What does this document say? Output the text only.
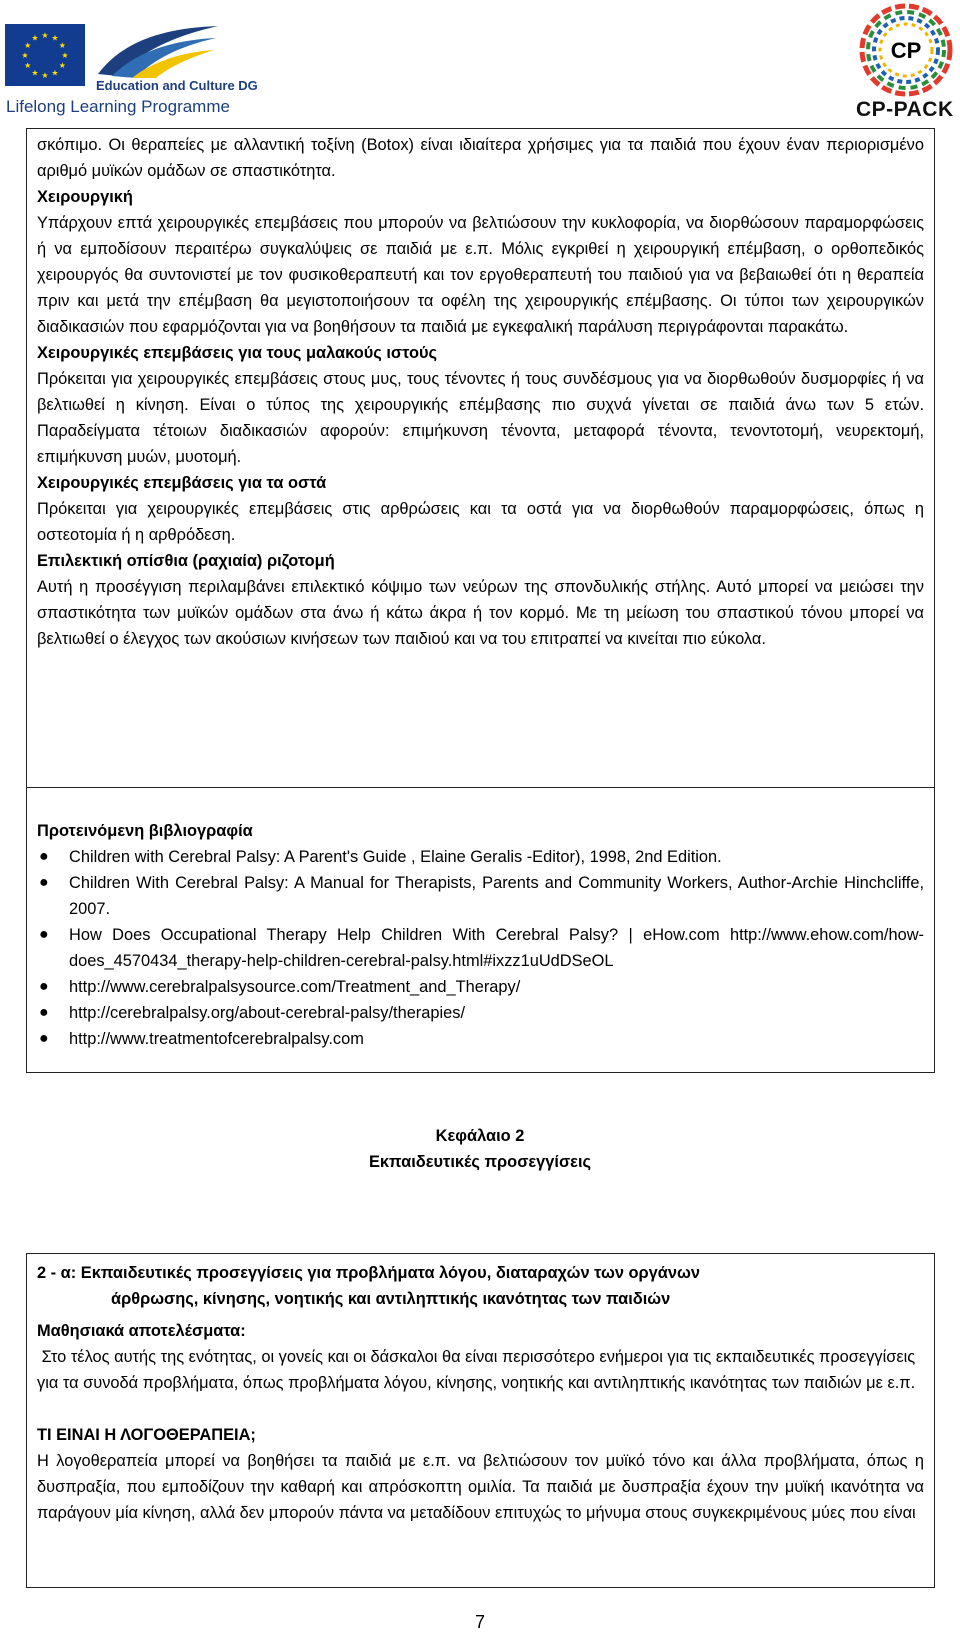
★
★
★
★
★
★
★
★
★ ★ ★
★
Education and Culture DG
Lifelong Learning Programme
CP
CP-PACK

σκόπιμο. Οι θεραπείες με αλλαντική τοξίνη (Botox) είναι ιδιαίτερα χρήσιμες για τα παιδιά που έχουν έναν περιορισμένο αριθμό μυϊκών ομάδων σε σπαστικότητα.

Χειρουργική

Υπάρχουν επτά χειρουργικές επεμβάσεις που μπορούν να βελτιώσουν την κυκλοφορία, να διορθώσουν παραμορφώσεις ή να εμποδίσουν περαιτέρω συγκαλύψεις σε παιδιά με ε.π. Μόλις εγκριθεί η χειρουργική επέμβαση, ο ορθοπεδικός χειρουργός θα συντονιστεί με τον φυσικοθεραπευτή και τον εργοθεραπευτή του παιδιού για να βεβαιωθεί ότι η θεραπεία πριν και μετά την επέμβαση θα μεγιστοποιήσουν τα οφέλη της χειρουργικής επέμβασης. Οι τύποι των χειρουργικών διαδικασιών που εφαρμόζονται για να βοηθήσουν τα παιδιά με εγκεφαλική παράλυση περιγράφονται παρακάτω.

Χειρουργικές επεμβάσεις για τους μαλακούς ιστούς

Πρόκειται για χειρουργικές επεμβάσεις στους μυς, τους τένοντες ή τους συνδέσμους για να διορθωθούν δυσμορφίες ή να βελτιωθεί η κίνηση. Είναι ο τύπος της χειρουργικής επέμβασης πιο συχνά γίνεται σε παιδιά άνω των 5 ετών. Παραδείγματα τέτοιων διαδικασιών αφορούν: επιμήκυνση τένοντα, μεταφορά τένοντα, τενοντοτομή, νευρεκτομή, επιμήκυνση μυών, μυοτομή.

Χειρουργικές επεμβάσεις για τα οστά

Πρόκειται για χειρουργικές επεμβάσεις στις αρθρώσεις και τα οστά για να διορθωθούν παραμορφώσεις, όπως η οστεοτομία ή η αρθρόδεση.

Επιλεκτική οπίσθια (ραχιαία) ριζοτομή

Αυτή η προσέγγιση περιλαμβάνει επιλεκτικό κόψιμο των νεύρων της σπονδυλικής στήλης. Αυτό μπορεί να μειώσει την σπαστικότητα των μυϊκών ομάδων στα άνω ή κάτω άκρα ή τον κορμό. Με τη μείωση του σπαστικού τόνου μπορεί να βελτιωθεί ο έλεγχος των ακούσιων κινήσεων των παιδιού και να του επιτραπεί να κινείται πιο εύκολα.

Προτεινόμενη βιβλιογραφία

● Children with Cerebral Palsy: A Parent's Guide , Elaine Geralis -Editor), 1998, 2nd Edition.
● Children With Cerebral Palsy: A Manual for Therapists, Parents and Community Workers, Author-Archie Hinchcliffe, 2007.
● How Does Occupational Therapy Help Children With Cerebral Palsy? | eHow.com http://www.ehow.com/how-does_4570434_therapy-help-children-cerebral-palsy.html#ixzz1uUdDSeOL
● http://www.cerebralpalsysource.com/Treatment_and_Therapy/
● http://cerebralpalsy.org/about-cerebral-palsy/therapies/
● http://www.treatmentofcerebralpalsy.com
Κεφάλαιο 2
Εκπαιδευτικές προσεγγίσεις

2 - α: Εκπαιδευτικές προσεγγίσεις για προβλήματα λόγου, διαταραχών των οργάνων
άρθρωσης, κίνησης, νοητικής και αντιληπτικής ικανότητας των παιδιών

Μαθησιακά αποτελέσματα:

Στο τέλος αυτής της ενότητας, οι γονείς και οι δάσκαλοι θα είναι περισσότερο ενήμεροι για τις εκπαιδευτικές προσεγγίσεις για τα συνοδά προβλήματα, όπως προβλήματα λόγου, κίνησης, νοητικής και αντιληπτικής ικανότητας των παιδιών με ε.π.

ΤΙ ΕΙΝΑΙ Η ΛΟΓΟΘΕΡΑΠΕΙΑ;

Η λογοθεραπεία μπορεί να βοηθήσει τα παιδιά με ε.π. να βελτιώσουν τον μυϊκό τόνο και άλλα προβλήματα, όπως η δυσπραξία, που εμποδίζουν την καθαρή και απρόσκοπτη ομιλία. Τα παιδιά με δυσπραξία έχουν την μυϊκή ικανότητα να παράγουν μία κίνηση, αλλά δεν μπορούν πάντα να μεταδίδουν επιτυχώς το μήνυμα στους συγκεκριμένους μύες που είναι

7
